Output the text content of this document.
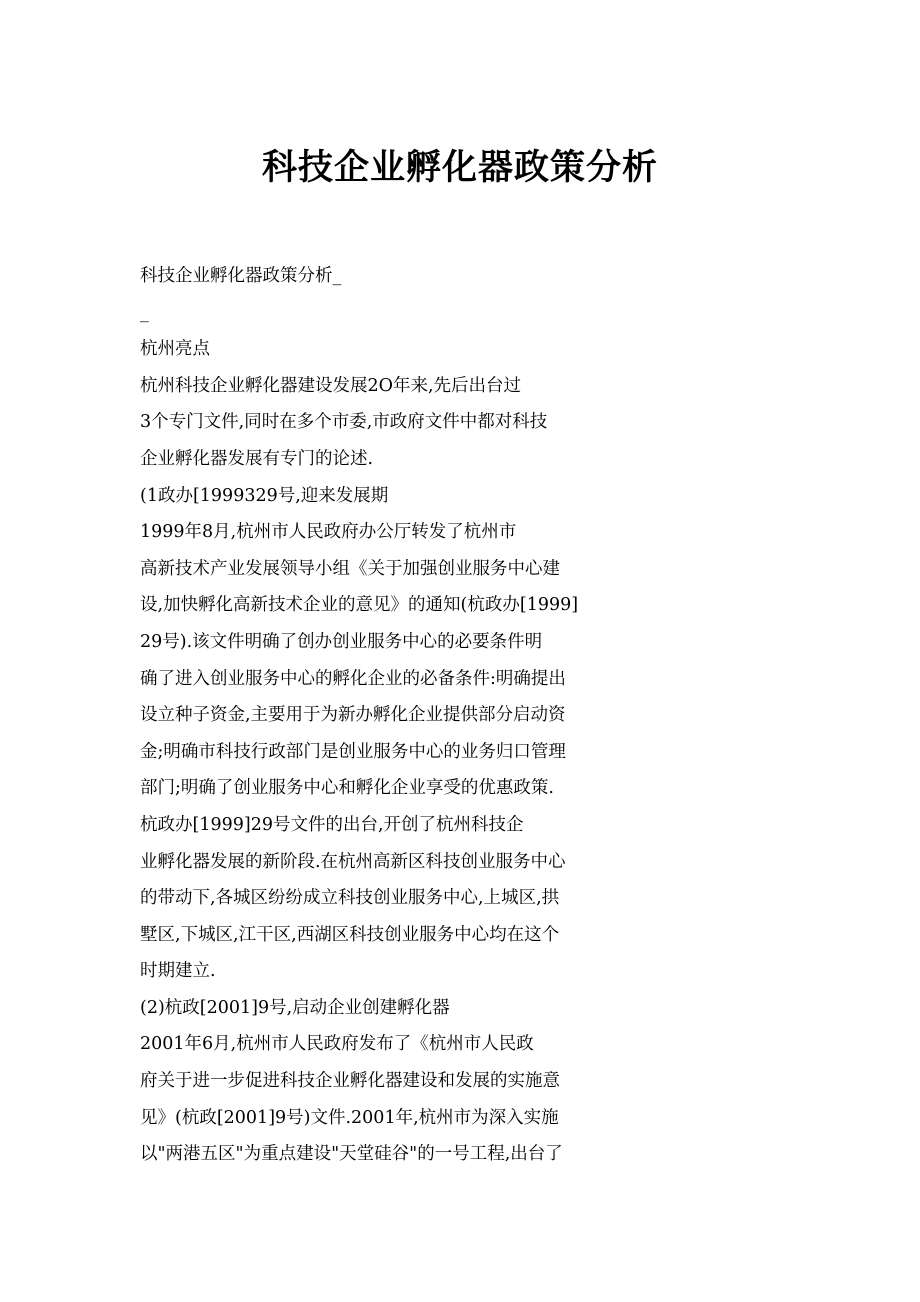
科技企业孵化器政策分析
科技企业孵化器政策分析_
_
杭州亮点
杭州科技企业孵化器建设发展2O年来,先后出台过
3个专门文件,同时在多个市委,市政府文件中都对科技
企业孵化器发展有专门的论述.
(1政办[1999329号,迎来发展期
1999年8月,杭州市人民政府办公厅转发了杭州市
高新技术产业发展领导小组《关于加强创业服务中心建
设,加快孵化高新技术企业的意见》的通知(杭政办[1999]
29号).该文件明确了创办创业服务中心的必要条件明
确了进入创业服务中心的孵化企业的必备条件:明确提出
设立种子资金,主要用于为新办孵化企业提供部分启动资
金;明确市科技行政部门是创业服务中心的业务归口管理
部门;明确了创业服务中心和孵化企业享受的优惠政策.
杭政办[1999]29号文件的出台,开创了杭州科技企
业孵化器发展的新阶段.在杭州高新区科技创业服务中心
的带动下,各城区纷纷成立科技创业服务中心,上城区,拱
墅区,下城区,江干区,西湖区科技创业服务中心均在这个
时期建立.
(2)杭政[2001]9号,启动企业创建孵化器
2001年6月,杭州市人民政府发布了《杭州市人民政
府关于进一步促进科技企业孵化器建设和发展的实施意
见》(杭政[2001]9号)文件.2001年,杭州市为深入实施
以"两港五区"为重点建设"天堂硅谷"的一号工程,出台了
